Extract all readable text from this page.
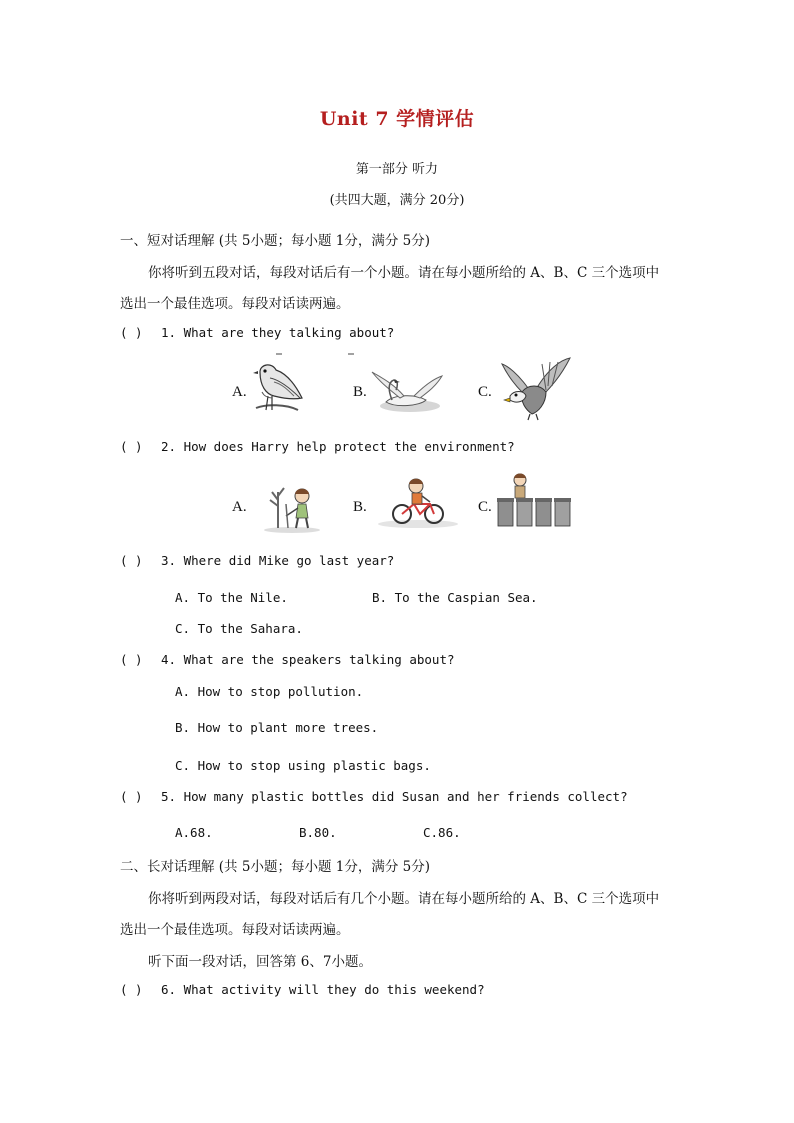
Unit 7 学情评估
第一部分 听力
(共四大题，满分 20分)
一、短对话理解 (共 5小题；每小题 1分，满分 5分)
你将听到五段对话，每段对话后有一个小题。请在每小题所给的 A、B、C 三个选项中
选出一个最佳选项。每段对话读两遍。
( ) 1. What are they talking about?
A.	B.	C.
( ) 2. How does Harry help protect the environment?
A.	B.	C.
( ) 3. Where did Mike go last year?
A. To the Nile.	B. To the Caspian Sea.
C. To the Sahara.
( ) 4. What are the speakers talking about?
A. How to stop pollution.
B. How to plant more trees.
C. How to stop using plastic bags.
( ) 5. How many plastic bottles did Susan and her friends collect?
A.68.	B.80.	C.86.
二、长对话理解 (共 5小题；每小题 1分，满分 5分)
你将听到两段对话，每段对话后有几个小题。请在每小题所给的 A、B、C 三个选项中
选出一个最佳选项。每段对话读两遍。
听下面一段对话，回答第 6、7小题。
( ) 6. What activity will they do this weekend?
